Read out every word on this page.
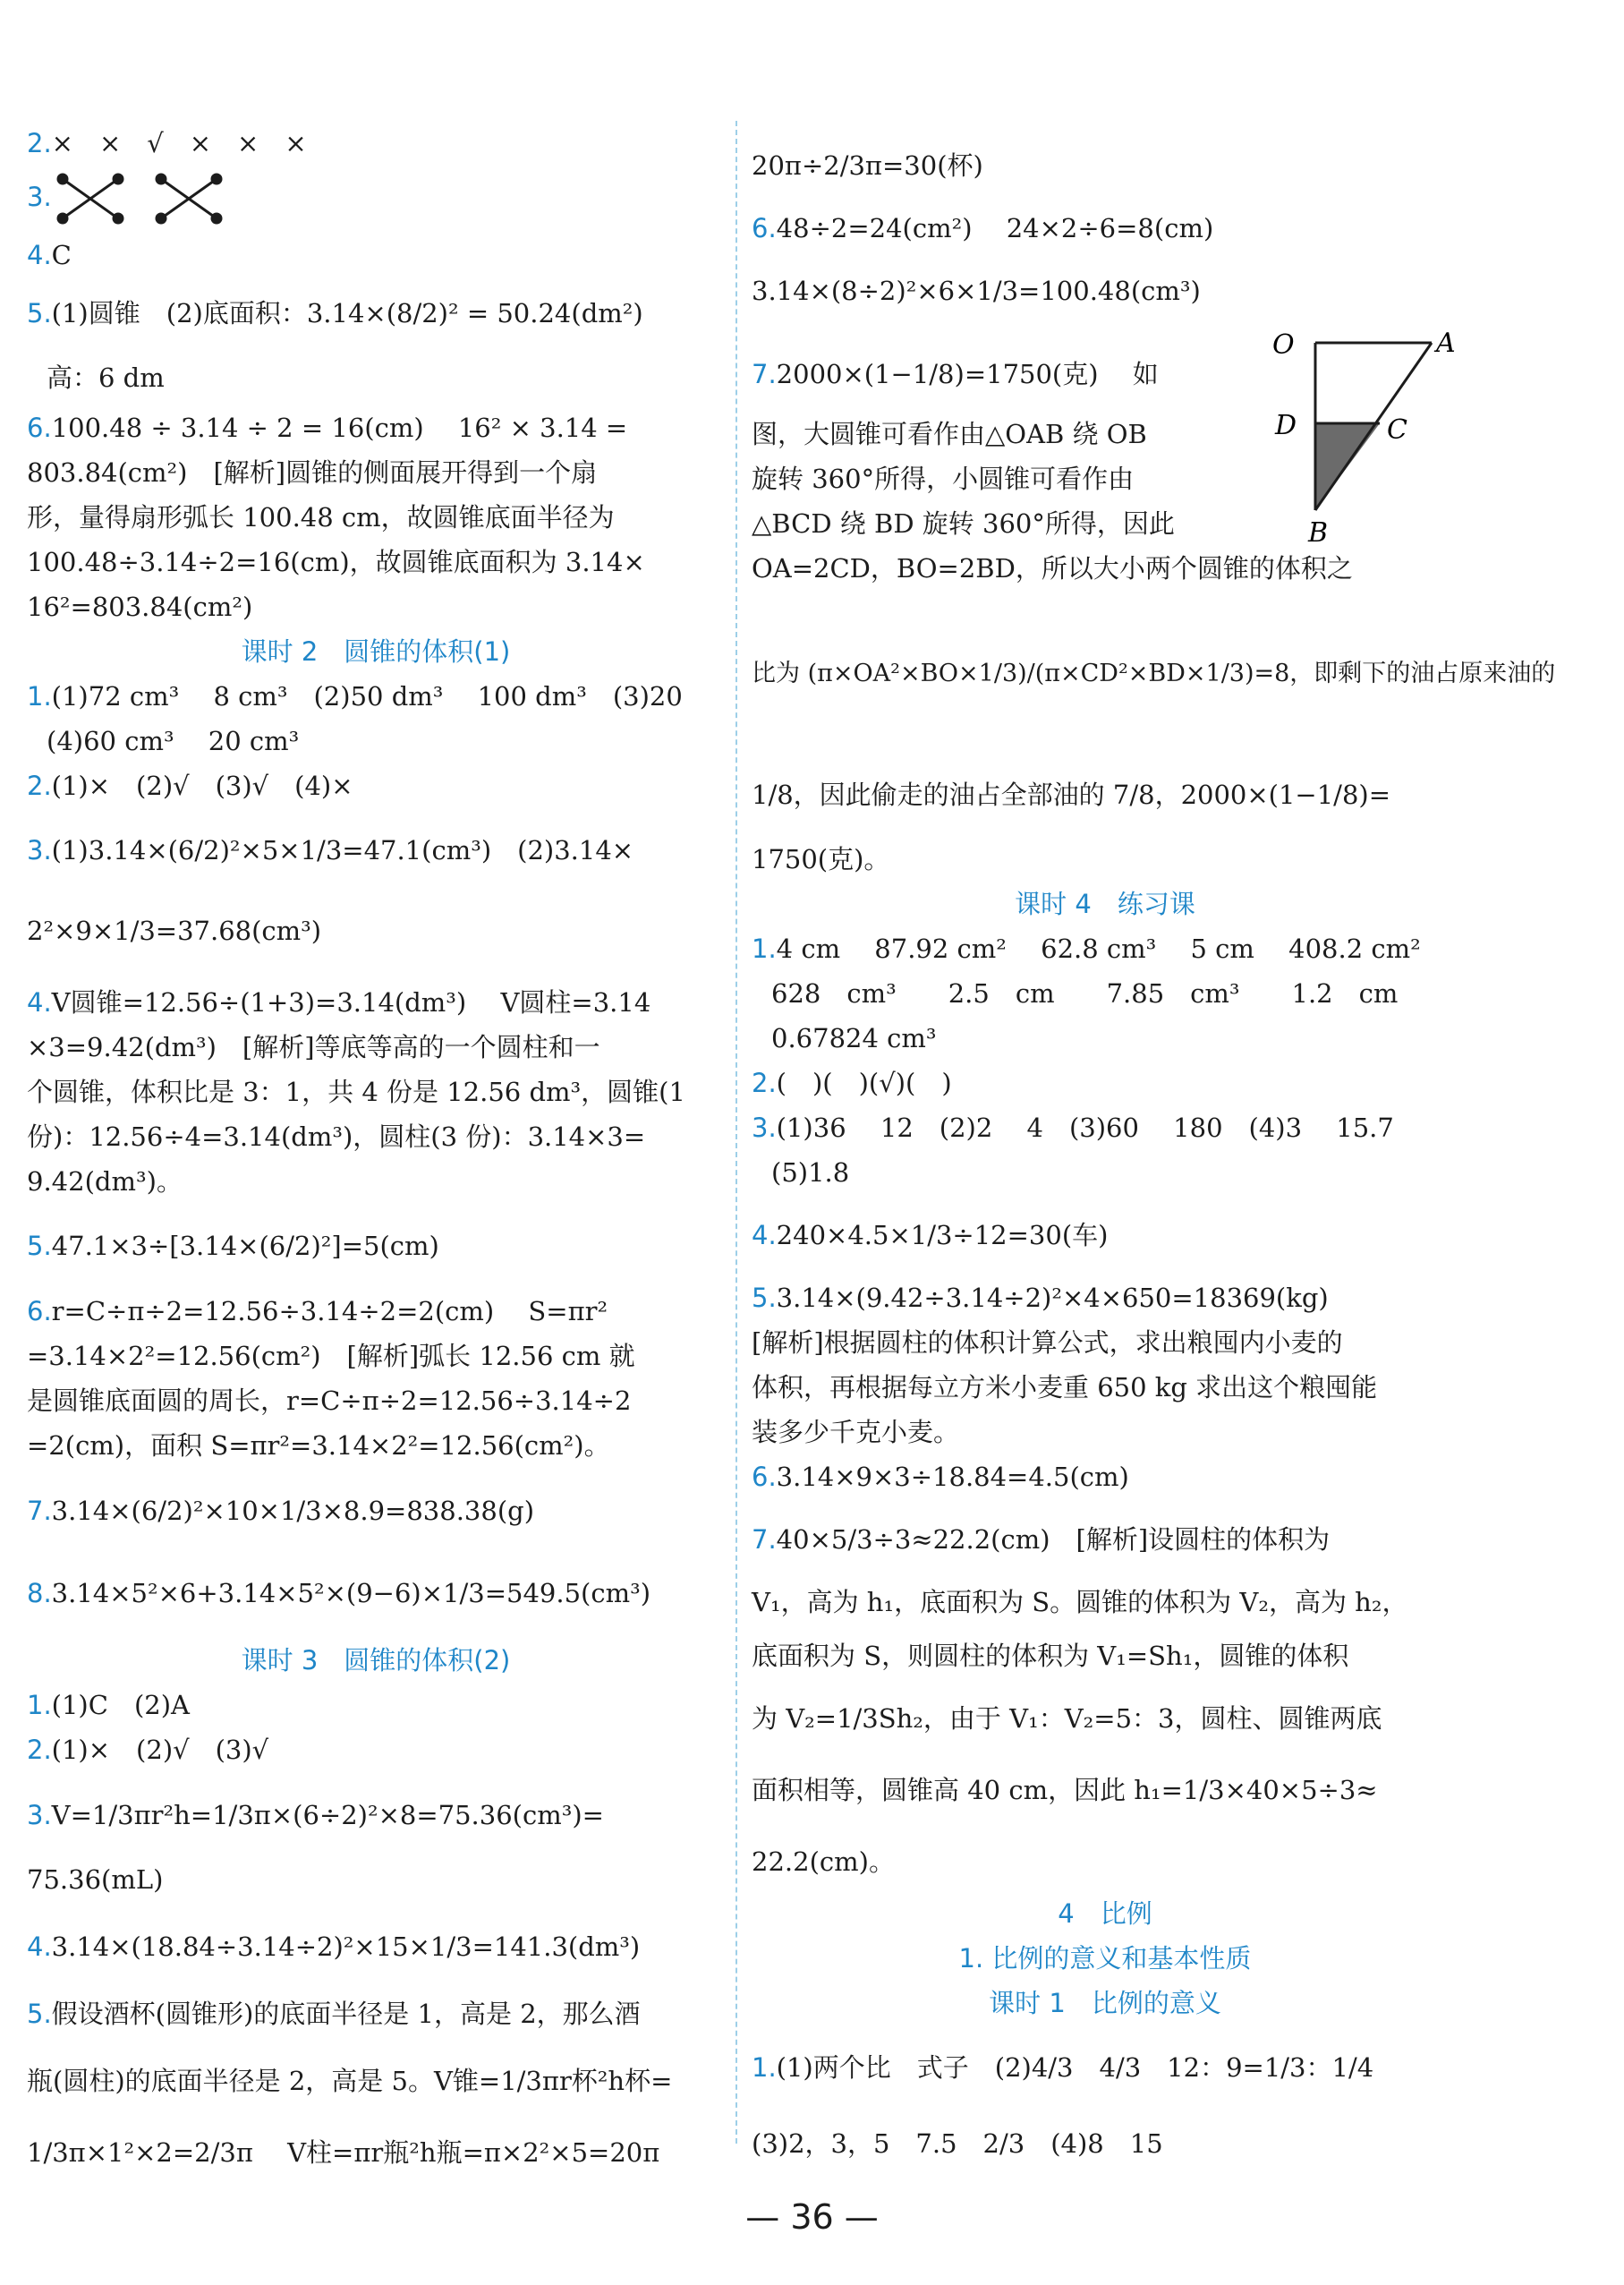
2.×　×　√　×　×　×
3.
4.C
5.(1)圆锥　(2)底面积：3.14×(8/2)² = 50.24(dm²)
高：6 dm
6.100.48 ÷ 3.14 ÷ 2 = 16(cm)　 16² × 3.14 =
803.84(cm²)　[解析]圆锥的侧面展开得到一个扇
形，量得扇形弧长 100.48 cm，故圆锥底面半径为
100.48÷3.14÷2=16(cm)，故圆锥底面积为 3.14×
16²=803.84(cm²)
课时 2　圆锥的体积(1)
1.(1)72 cm³　 8 cm³　(2)50 dm³　 100 dm³　(3)20
(4)60 cm³　 20 cm³
2.(1)×　(2)√　(3)√　(4)×
3.(1)3.14×(6/2)²×5×1/3=47.1(cm³)　(2)3.14×
2²×9×1/3=37.68(cm³)
4.V圆锥=12.56÷(1+3)=3.14(dm³)　 V圆柱=3.14
×3=9.42(dm³)　[解析]等底等高的一个圆柱和一
个圆锥，体积比是 3：1，共 4 份是 12.56 dm³，圆锥(1
份)：12.56÷4=3.14(dm³)，圆柱(3 份)：3.14×3=
9.42(dm³)。
5.47.1×3÷[3.14×(6/2)²]=5(cm)
6.r=C÷π÷2=12.56÷3.14÷2=2(cm)　 S=πr²
=3.14×2²=12.56(cm²)　[解析]弧长 12.56 cm 就
是圆锥底面圆的周长，r=C÷π÷2=12.56÷3.14÷2
=2(cm)，面积 S=πr²=3.14×2²=12.56(cm²)。
7.3.14×(6/2)²×10×1/3×8.9=838.38(g)
8.3.14×5²×6+3.14×5²×(9−6)×1/3=549.5(cm³)
课时 3　圆锥的体积(2)
1.(1)C　(2)A
2.(1)×　(2)√　(3)√
3.V=1/3πr²h=1/3π×(6÷2)²×8=75.36(cm³)=
75.36(mL)
4.3.14×(18.84÷3.14÷2)²×15×1/3=141.3(dm³)
5.假设酒杯(圆锥形)的底面半径是 1，高是 2，那么酒
瓶(圆柱)的底面半径是 2，高是 5。V锥=1/3πr杯²h杯=
1/3π×1²×2=2/3π　 V柱=πr瓶²h瓶=π×2²×5=20π
20π÷2/3π=30(杯)
6.48÷2=24(cm²)　 24×2÷6=8(cm)
3.14×(8÷2)²×6×1/3=100.48(cm³)
7.2000×(1−1/8)=1750(克)　 如
图，大圆锥可看作由△OAB 绕 OB
旋转 360°所得，小圆锥可看作由
△BCD 绕 BD 旋转 360°所得，因此
OA=2CD，BO=2BD，所以大小两个圆锥的体积之
比为 (π×OA²×BO×1/3)/(π×CD²×BD×1/3)=8，即剩下的油占原来油的
1/8，因此偷走的油占全部油的 7/8，2000×(1−1/8)=
1750(克)。
O	A
D	C
B
课时 4　练习课
1.4 cm　 87.92 cm²　 62.8 cm³　 5 cm　 408.2 cm²
628　cm³　　2.5　cm　　7.85　cm³　　1.2　cm
0.67824 cm³
2.(　)(　)(√)(　)
3.(1)36　 12　(2)2　 4　(3)60　 180　(4)3　 15.7
(5)1.8
4.240×4.5×1/3÷12=30(车)
5.3.14×(9.42÷3.14÷2)²×4×650=18369(kg)
[解析]根据圆柱的体积计算公式，求出粮囤内小麦的
体积，再根据每立方米小麦重 650 kg 求出这个粮囤能
装多少千克小麦。
6.3.14×9×3÷18.84=4.5(cm)
7.40×5/3÷3≈22.2(cm)　[解析]设圆柱的体积为
V₁，高为 h₁，底面积为 S。圆锥的体积为 V₂，高为 h₂，
底面积为 S，则圆柱的体积为 V₁=Sh₁，圆锥的体积
为 V₂=1/3Sh₂，由于 V₁：V₂=5：3，圆柱、圆锥两底
面积相等，圆锥高 40 cm，因此 h₁=1/3×40×5÷3≈
22.2(cm)。
4　比例
1. 比例的意义和基本性质
课时 1　比例的意义
1.(1)两个比　式子　(2)4/3　4/3　12：9=1/3：1/4
(3)2，3，5　7.5　2/3　(4)8　15
— 36 —
